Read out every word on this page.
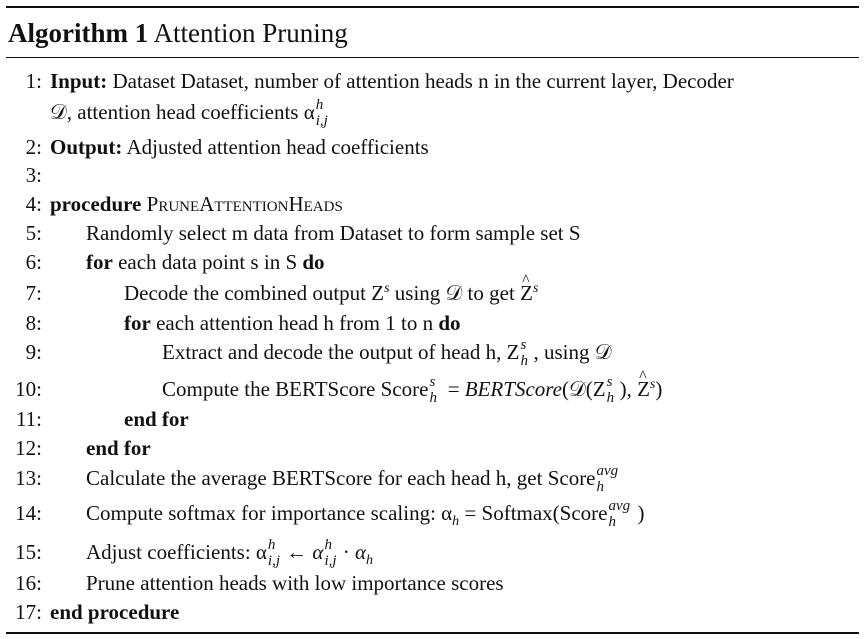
Algorithm 1 Attention Pruning
1: Input: Dataset Dataset, number of attention heads n in the current layer, Decoder
𝒟, attention head coefficients α h
i,j
2: Output: Adjusted attention head coefficients
3:
4: procedure PruneAttentionHeads
5: Randomly select m data from Dataset to form sample set S
6: for each data point s in S do
7:	Decode the combined output $Z^s$ using 𝒟 to get ^ $Z^s$
8:	for each attention head h from 1 to n do
9:	Extract and decode the output of head h, Z s
h , using 𝒟
10:	Compute the BERTScore Score s
h = BERTScore(𝒟(Z s
h ), ^ $Z^s$)
11:	end for
12: end for
13: Calculate the average BERTScore for each head h, get Score avg
h
14: Compute softmax for importance scaling: $\alpha_h$ = Softmax(Score avg
h )
15: Adjust coefficients: α h
i,j ← α h
$i,j \cdot \alpha_h$
16: Prune attention heads with low importance scores
17: end procedure
